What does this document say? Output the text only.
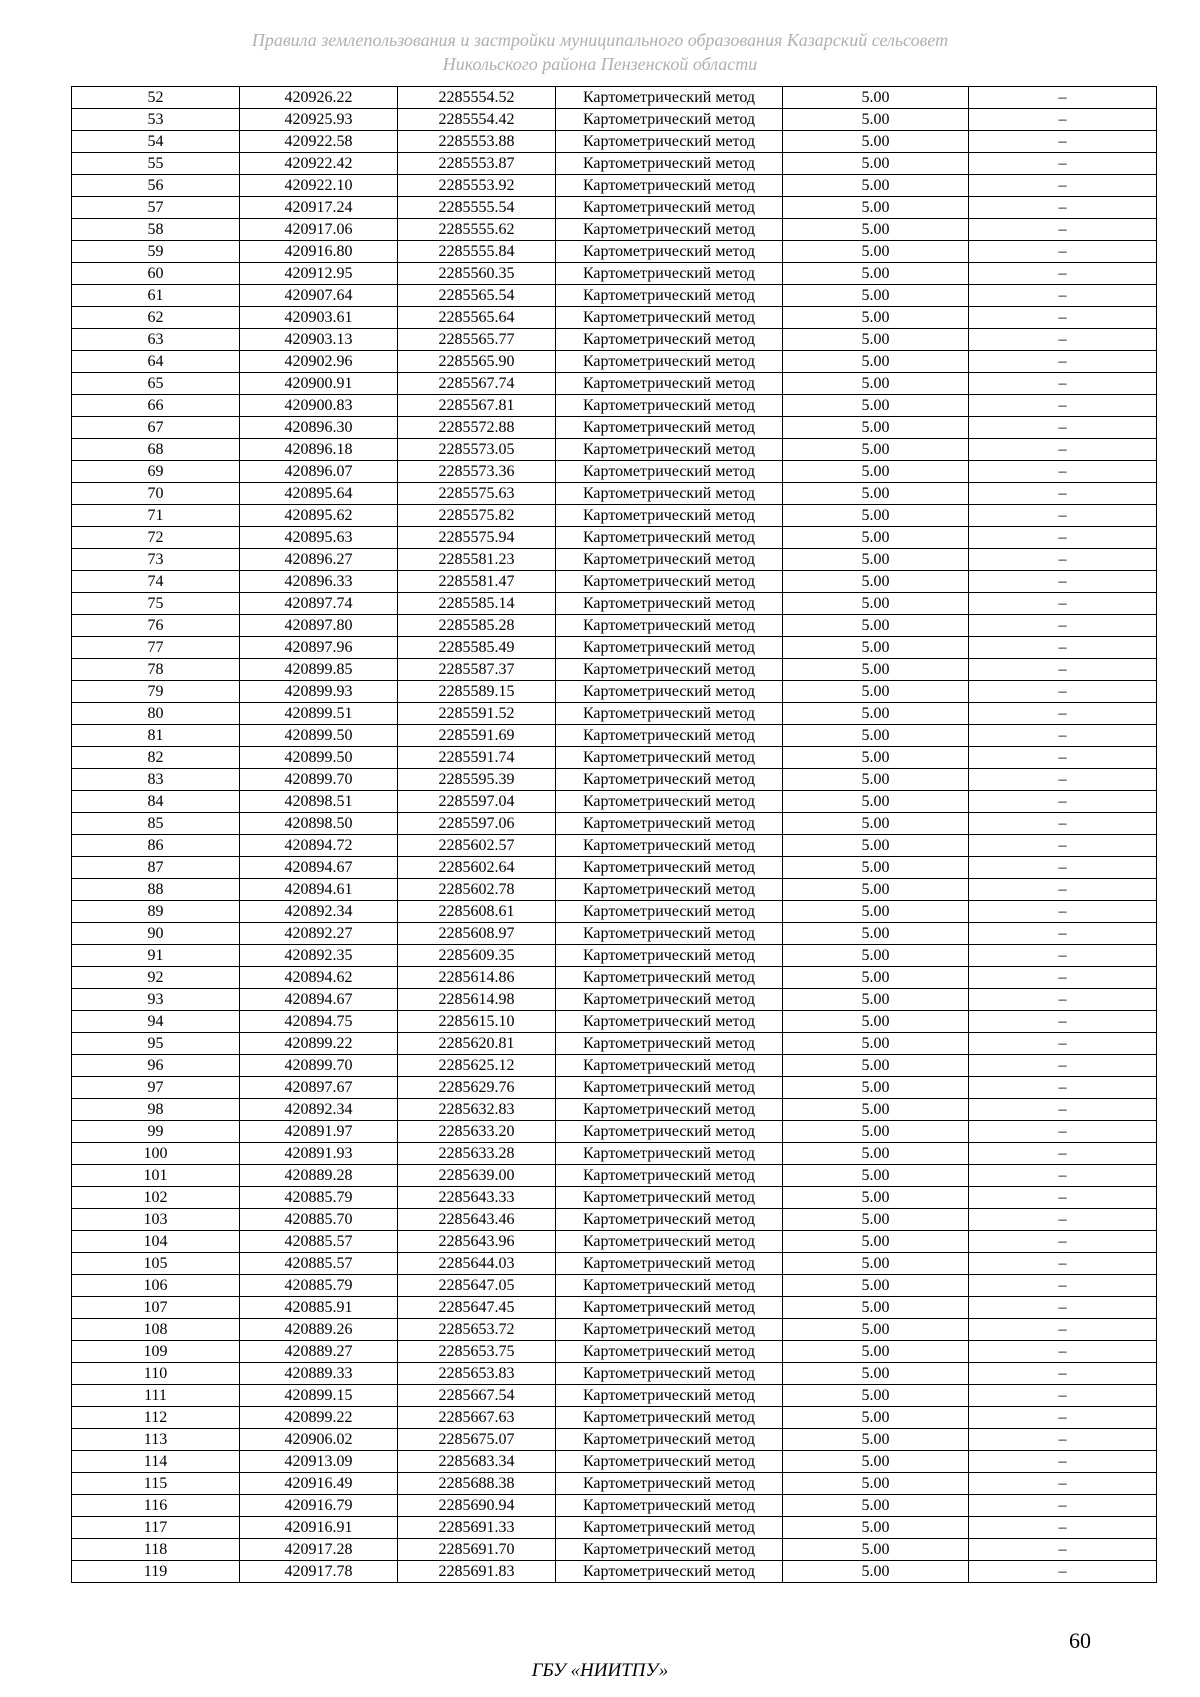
Правила землепользования и застройки муниципального образования Казарский сельсовет
Никольского района Пензенской области
52	420926.22	2285554.52	Картометрический метод	5.00	–
53	420925.93	2285554.42	Картометрический метод	5.00	–
54	420922.58	2285553.88	Картометрический метод	5.00	–
55	420922.42	2285553.87	Картометрический метод	5.00	–
56	420922.10	2285553.92	Картометрический метод	5.00	–
57	420917.24	2285555.54	Картометрический метод	5.00	–
58	420917.06	2285555.62	Картометрический метод	5.00	–
59	420916.80	2285555.84	Картометрический метод	5.00	–
60	420912.95	2285560.35	Картометрический метод	5.00	–
61	420907.64	2285565.54	Картометрический метод	5.00	–
62	420903.61	2285565.64	Картометрический метод	5.00	–
63	420903.13	2285565.77	Картометрический метод	5.00	–
64	420902.96	2285565.90	Картометрический метод	5.00	–
65	420900.91	2285567.74	Картометрический метод	5.00	–
66	420900.83	2285567.81	Картометрический метод	5.00	–
67	420896.30	2285572.88	Картометрический метод	5.00	–
68	420896.18	2285573.05	Картометрический метод	5.00	–
69	420896.07	2285573.36	Картометрический метод	5.00	–
70	420895.64	2285575.63	Картометрический метод	5.00	–
71	420895.62	2285575.82	Картометрический метод	5.00	–
72	420895.63	2285575.94	Картометрический метод	5.00	–
73	420896.27	2285581.23	Картометрический метод	5.00	–
74	420896.33	2285581.47	Картометрический метод	5.00	–
75	420897.74	2285585.14	Картометрический метод	5.00	–
76	420897.80	2285585.28	Картометрический метод	5.00	–
77	420897.96	2285585.49	Картометрический метод	5.00	–
78	420899.85	2285587.37	Картометрический метод	5.00	–
79	420899.93	2285589.15	Картометрический метод	5.00	–
80	420899.51	2285591.52	Картометрический метод	5.00	–
81	420899.50	2285591.69	Картометрический метод	5.00	–
82	420899.50	2285591.74	Картометрический метод	5.00	–
83	420899.70	2285595.39	Картометрический метод	5.00	–
84	420898.51	2285597.04	Картометрический метод	5.00	–
85	420898.50	2285597.06	Картометрический метод	5.00	–
86	420894.72	2285602.57	Картометрический метод	5.00	–
87	420894.67	2285602.64	Картометрический метод	5.00	–
88	420894.61	2285602.78	Картометрический метод	5.00	–
89	420892.34	2285608.61	Картометрический метод	5.00	–
90	420892.27	2285608.97	Картометрический метод	5.00	–
91	420892.35	2285609.35	Картометрический метод	5.00	–
92	420894.62	2285614.86	Картометрический метод	5.00	–
93	420894.67	2285614.98	Картометрический метод	5.00	–
94	420894.75	2285615.10	Картометрический метод	5.00	–
95	420899.22	2285620.81	Картометрический метод	5.00	–
96	420899.70	2285625.12	Картометрический метод	5.00	–
97	420897.67	2285629.76	Картометрический метод	5.00	–
98	420892.34	2285632.83	Картометрический метод	5.00	–
99	420891.97	2285633.20	Картометрический метод	5.00	–
100	420891.93	2285633.28	Картометрический метод	5.00	–
101	420889.28	2285639.00	Картометрический метод	5.00	–
102	420885.79	2285643.33	Картометрический метод	5.00	–
103	420885.70	2285643.46	Картометрический метод	5.00	–
104	420885.57	2285643.96	Картометрический метод	5.00	–
105	420885.57	2285644.03	Картометрический метод	5.00	–
106	420885.79	2285647.05	Картометрический метод	5.00	–
107	420885.91	2285647.45	Картометрический метод	5.00	–
108	420889.26	2285653.72	Картометрический метод	5.00	–
109	420889.27	2285653.75	Картометрический метод	5.00	–
110	420889.33	2285653.83	Картометрический метод	5.00	–
111	420899.15	2285667.54	Картометрический метод	5.00	–
112	420899.22	2285667.63	Картометрический метод	5.00	–
113	420906.02	2285675.07	Картометрический метод	5.00	–
114	420913.09	2285683.34	Картометрический метод	5.00	–
115	420916.49	2285688.38	Картометрический метод	5.00	–
116	420916.79	2285690.94	Картометрический метод	5.00	–
117	420916.91	2285691.33	Картометрический метод	5.00	–
118	420917.28	2285691.70	Картометрический метод	5.00	–
119	420917.78	2285691.83	Картометрический метод	5.00	–
60
ГБУ «НИИТПУ»
